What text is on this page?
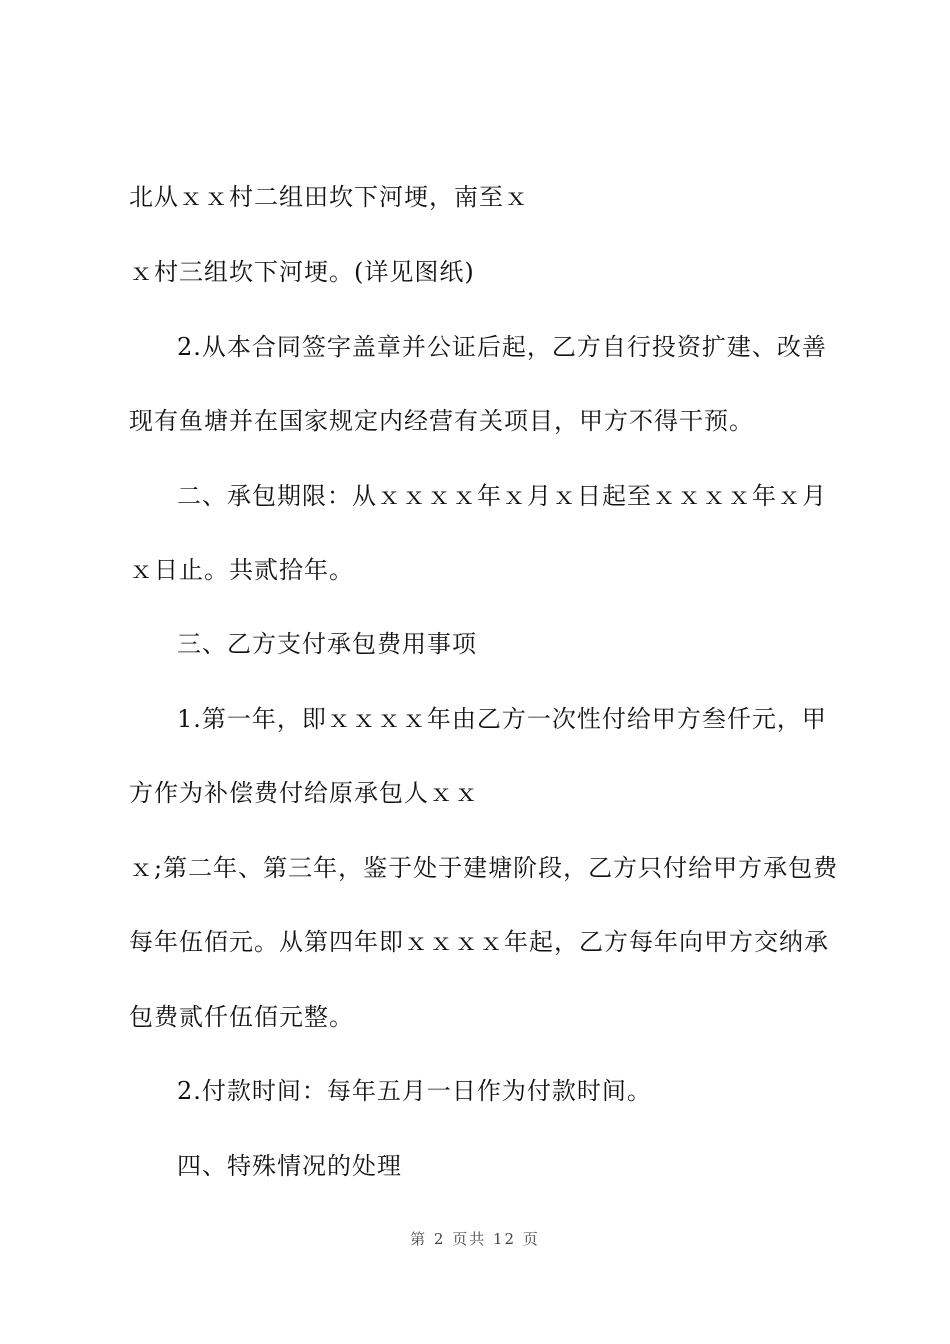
北从ｘｘ村二组田坎下河埂，南至ｘ
ｘ村三组坎下河埂。(详见图纸)
2.从本合同签字盖章并公证后起，乙方自行投资扩建、改善
现有鱼塘并在国家规定内经营有关项目，甲方不得干预。
二、承包期限：从ｘｘｘｘ年ｘ月ｘ日起至ｘｘｘｘ年ｘ月
ｘ日止。共贰拾年。
三、乙方支付承包费用事项
1.第一年，即ｘｘｘｘ年由乙方一次性付给甲方叁仟元，甲
方作为补偿费付给原承包人ｘｘ
ｘ;第二年、第三年，鉴于处于建塘阶段，乙方只付给甲方承包费
每年伍佰元。从第四年即ｘｘｘｘ年起，乙方每年向甲方交纳承
包费贰仟伍佰元整。
2.付款时间：每年五月一日作为付款时间。
四、特殊情况的处理
第 2 页共 12 页
